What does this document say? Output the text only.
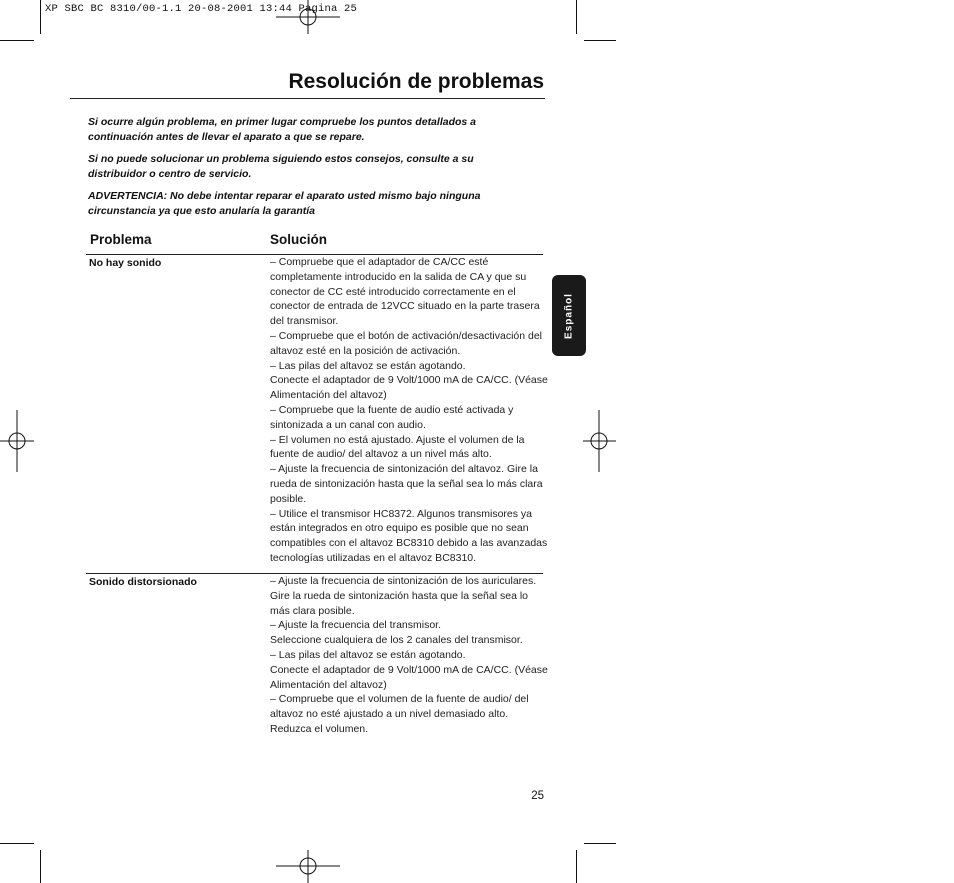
XP SBC BC 8310/00-1.1 20-08-2001 13:44 Pagina 25
Resolución de problemas
Si ocurre algún problema, en primer lugar compruebe los puntos detallados a continuación antes de llevar el aparato a que se repare.
Si no puede solucionar un problema siguiendo estos consejos, consulte a su distribuidor o centro de servicio.
ADVERTENCIA: No debe intentar reparar el aparato usted mismo bajo ninguna circunstancia ya que esto anularía la garantía
Problema	Solución
No hay sonido	– Compruebe que el adaptador de CA/CC esté completamente introducido en la salida de CA y que su conector de CC esté introducido correctamente en el conector de entrada de 12VCC situado en la parte trasera del transmisor.
– Compruebe que el botón de activación/desactivación del altavoz esté en la posición de activación.
– Las pilas del altavoz se están agotando.
Conecte el adaptador de 9 Volt/1000 mA de CA/CC. (Véase Alimentación del altavoz)
– Compruebe que la fuente de audio esté activada y sintonizada a un canal con audio.
– El volumen no está ajustado. Ajuste el volumen de la fuente de audio/ del altavoz a un nivel más alto.
– Ajuste la frecuencia de sintonización del altavoz. Gire la rueda de sintonización hasta que la señal sea lo más clara posible.
– Utilice el transmisor HC8372. Algunos transmisores ya están integrados en otro equipo es posible que no sean compatibles con el altavoz BC8310 debido a las avanzadas tecnologías utilizadas en el altavoz BC8310.
Sonido distorsionado	– Ajuste la frecuencia de sintonización de los auriculares. Gire la rueda de sintonización hasta que la señal sea lo más clara posible.
– Ajuste la frecuencia del transmisor.
Seleccione cualquiera de los 2 canales del transmisor.
– Las pilas del altavoz se están agotando.
Conecte el adaptador de 9 Volt/1000 mA de CA/CC. (Véase Alimentación del altavoz)
– Compruebe que el volumen de la fuente de audio/ del altavoz no esté ajustado a un nivel demasiado alto. Reduzca el volumen.
Español
25
